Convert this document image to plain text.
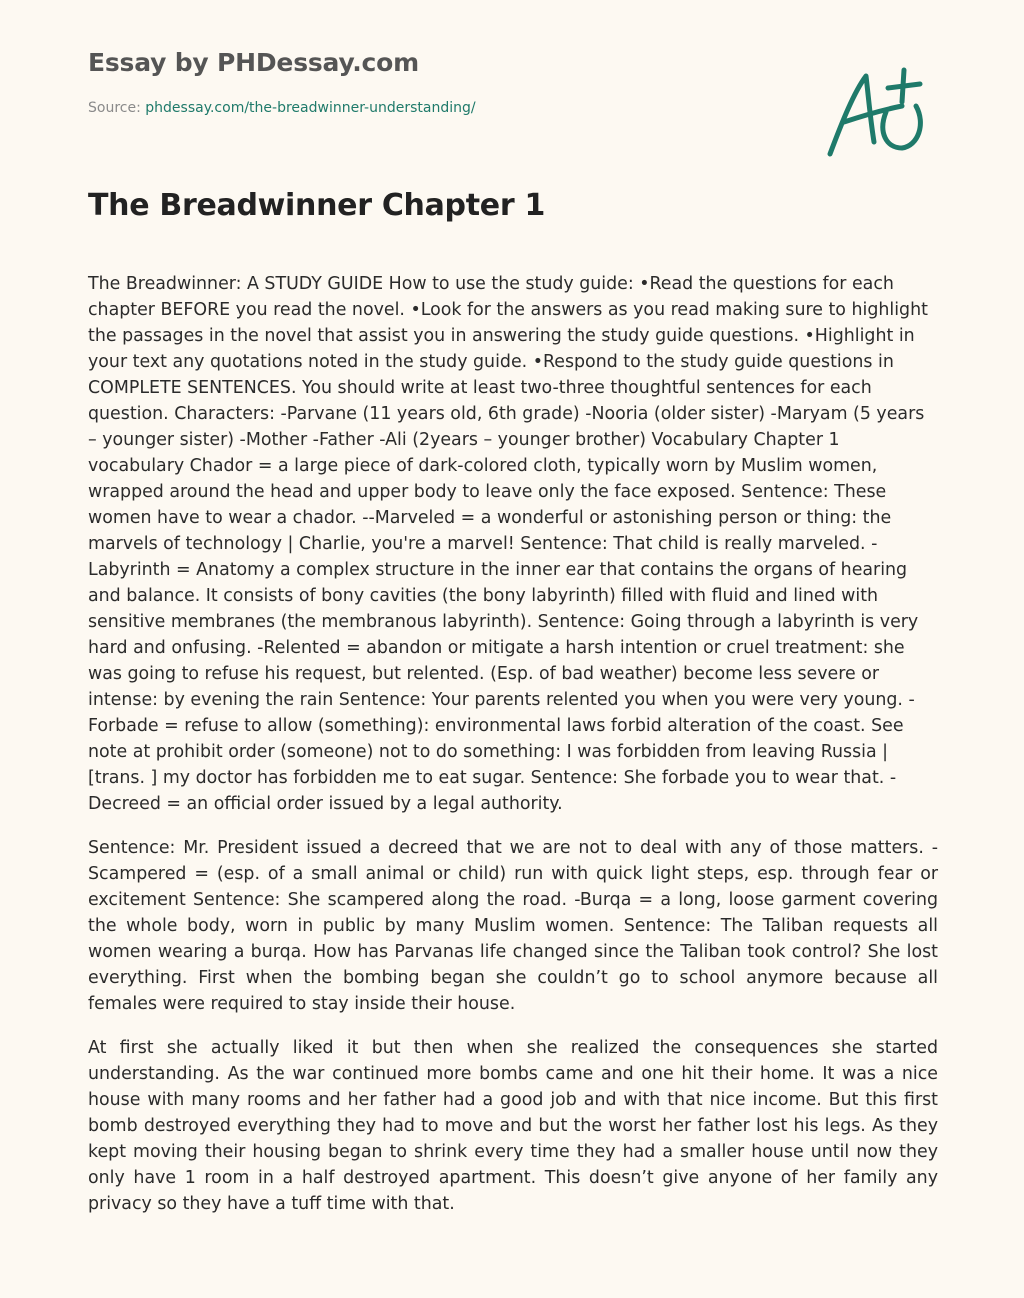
Essay by PHDessay.com
Source: phdessay.com/the-breadwinner-understanding/
The Breadwinner Chapter 1

The Breadwinner: A STUDY GUIDE How to use the study guide: •Read the questions for each chapter BEFORE you read the novel. •Look for the answers as you read making sure to highlight the passages in the novel that assist you in answering the study guide questions. •Highlight in your text any quotations noted in the study guide. •Respond to the study guide questions in COMPLETE SENTENCES. You should write at least two-three thoughtful sentences for each question. Characters: -Parvane (11 years old, 6th grade) -Nooria (older sister) -Maryam (5 years – younger sister) -Mother -Father -Ali (2years – younger brother) Vocabulary Chapter 1 vocabulary Chador = a large piece of dark-colored cloth, typically worn by Muslim women, wrapped around the head and upper body to leave only the face exposed. Sentence: These women have to wear a chador. --Marveled = a wonderful or astonishing person or thing: the marvels of technology | Charlie, you're a marvel! Sentence: That child is really marveled. -Labyrinth = Anatomy a complex structure in the inner ear that contains the organs of hearing and balance. It consists of bony cavities (the bony labyrinth) filled with fluid and lined with sensitive membranes (the membranous labyrinth). Sentence: Going through a labyrinth is very hard and onfusing. -Relented = abandon or mitigate a harsh intention or cruel treatment: she was going to refuse his request, but relented. (Esp. of bad weather) become less severe or intense: by evening the rain Sentence: Your parents relented you when you were very young. -Forbade = refuse to allow (something): environmental laws forbid alteration of the coast. See note at prohibit order (someone) not to do something: I was forbidden from leaving Russia | [trans. ] my doctor has forbidden me to eat sugar. Sentence: She forbade you to wear that. -Decreed = an official order issued by a legal authority.

Sentence: Mr. President issued a decreed that we are not to deal with any of those matters. -Scampered = (esp. of a small animal or child) run with quick light steps, esp. through fear or excitement Sentence: She scampered along the road. -Burqa = a long, loose garment covering the whole body, worn in public by many Muslim women. Sentence: The Taliban requests all women wearing a burqa. How has Parvanas life changed since the Taliban took control? She lost everything. First when the bombing began she couldn’t go to school anymore because all females were required to stay inside their house.

At first she actually liked it but then when she realized the consequences she started understanding. As the war continued more bombs came and one hit their home. It was a nice house with many rooms and her father had a good job and with that nice income. But this first bomb destroyed everything they had to move and but the worst her father lost his legs. As they kept moving their housing began to shrink every time they had a smaller house until now they only have 1 room in a half destroyed apartment. This doesn’t give anyone of her family any privacy so they have a tuff time with that.
